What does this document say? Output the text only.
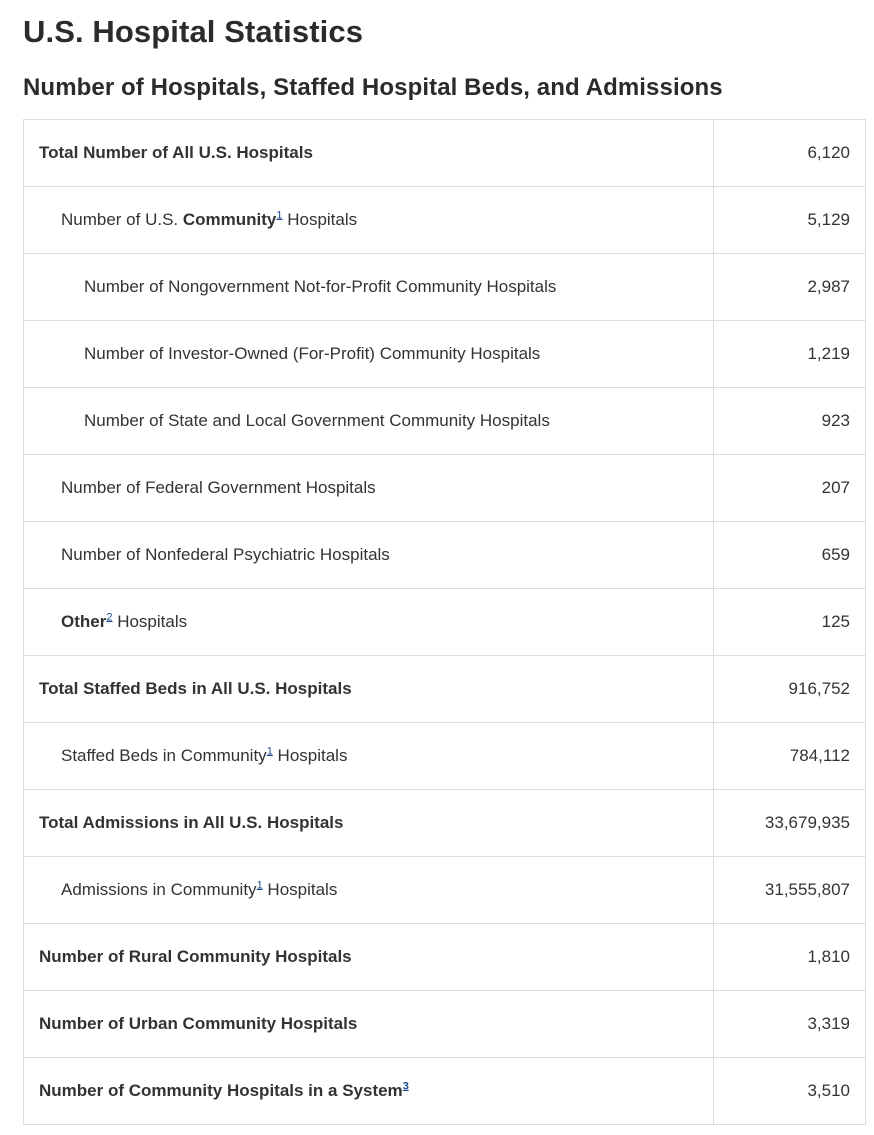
U.S. Hospital Statistics
Number of Hospitals, Staffed Hospital Beds, and Admissions
Total Number of All U.S. Hospitals	6,120
Number of U.S. Community$^1$ Hospitals	5,129
Number of Nongovernment Not-for-Profit Community Hospitals	2,987
Number of Investor-Owned (For-Profit) Community Hospitals	1,219
Number of State and Local Government Community Hospitals	923
Number of Federal Government Hospitals	207
Number of Nonfederal Psychiatric Hospitals	659
Other$^2$ Hospitals	125
Total Staffed Beds in All U.S. Hospitals	916,752
Staffed Beds in Community$^1$ Hospitals	784,112
Total Admissions in All U.S. Hospitals	33,679,935
Admissions in Community$^1$ Hospitals	31,555,807
Number of Rural Community Hospitals	1,810
Number of Urban Community Hospitals	3,319
Number of Community Hospitals in a System$^3$	3,510
